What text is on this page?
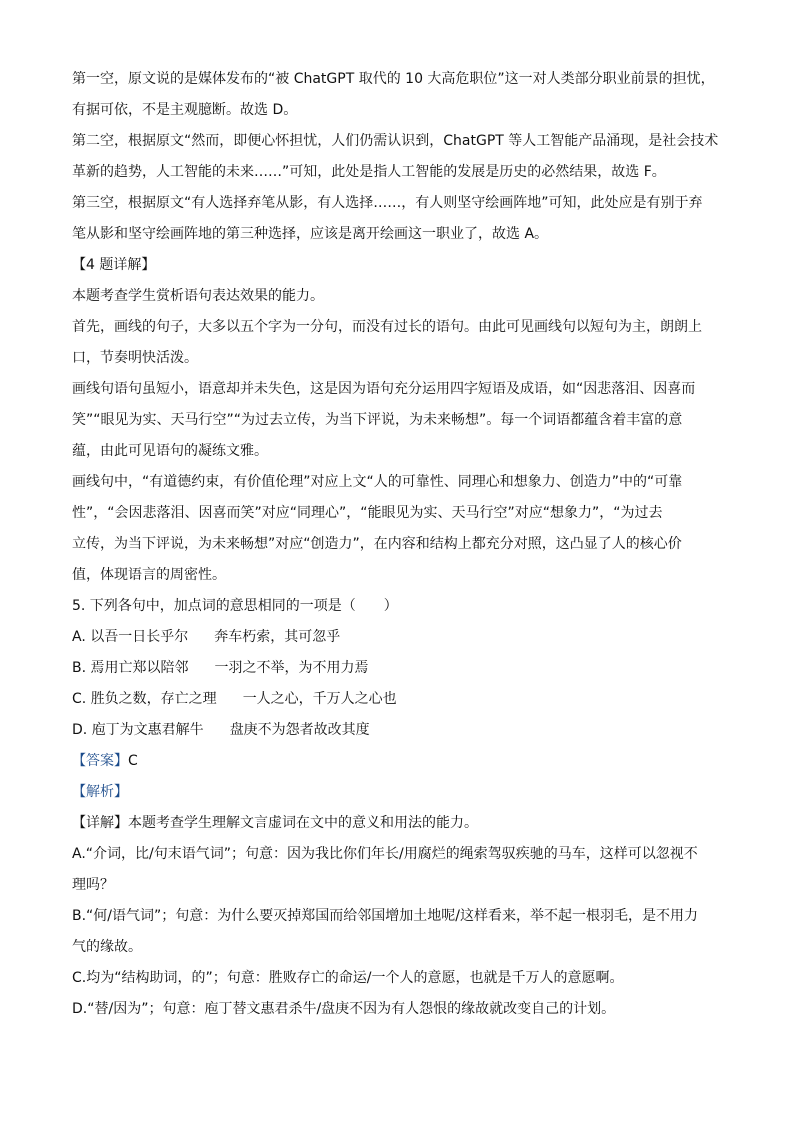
第一空，原文说的是媒体发布的“被 ChatGPT 取代的 10 大高危职位”这一对人类部分职业前景的担忧，
有据可依，不是主观臆断。故选 D。
第二空，根据原文“然而，即便心怀担忧，人们仍需认识到，ChatGPT 等人工智能产品涌现，是社会技术
革新的趋势，人工智能的未来……”可知，此处是指人工智能的发展是历史的必然结果，故选 F。
第三空，根据原文“有人选择弃笔从影，有人选择……，有人则坚守绘画阵地”可知，此处应是有别于弃
笔从影和坚守绘画阵地的第三种选择，应该是离开绘画这一职业了，故选 A。
【4 题详解】
本题考查学生赏析语句表达效果的能力。
首先，画线的句子，大多以五个字为一分句，而没有过长的语句。由此可见画线句以短句为主，朗朗上
口，节奏明快活泼。
画线句语句虽短小，语意却并未失色，这是因为语句充分运用四字短语及成语，如“因悲落泪、因喜而
笑”“眼见为实、天马行空”“为过去立传，为当下评说，为未来畅想”。每一个词语都蕴含着丰富的意
蕴，由此可见语句的凝练文雅。
画线句中，“有道德约束，有价值伦理”对应上文“人的可靠性、同理心和想象力、创造力”中的“可靠
性”，“会因悲落泪、因喜而笑”对应“同理心”，“能眼见为实、天马行空”对应“想象力”，“为过去
立传，为当下评说，为未来畅想”对应“创造力”，在内容和结构上都充分对照，这凸显了人的核心价
值，体现语言的周密性。
5. 下列各句中，加点词的意思相同的一项是（　　）
A. 以吾一日长乎尔 奔车朽索，其可忽乎
B. 焉用亡郑以陪邻 一羽之不举，为不用力焉
C. 胜负之数，存亡之理 一人之心，千万人之心也
D. 庖丁为文惠君解牛 盘庚不为怨者故改其度
【答案】C
【解析】
【详解】本题考查学生理解文言虚词在文中的意义和用法的能力。
A.“介词，比/句末语气词”；句意：因为我比你们年长/用腐烂的绳索驾驭疾驰的马车，这样可以忽视不
理吗？
B.“何/语气词”；句意：为什么要灭掉郑国而给邻国增加土地呢/这样看来，举不起一根羽毛，是不用力
气的缘故。
C.均为“结构助词，的”；句意：胜败存亡的命运/一个人的意愿，也就是千万人的意愿啊。
D.“替/因为”；句意：庖丁替文惠君杀牛/盘庚不因为有人怨恨的缘故就改变自己的计划。
